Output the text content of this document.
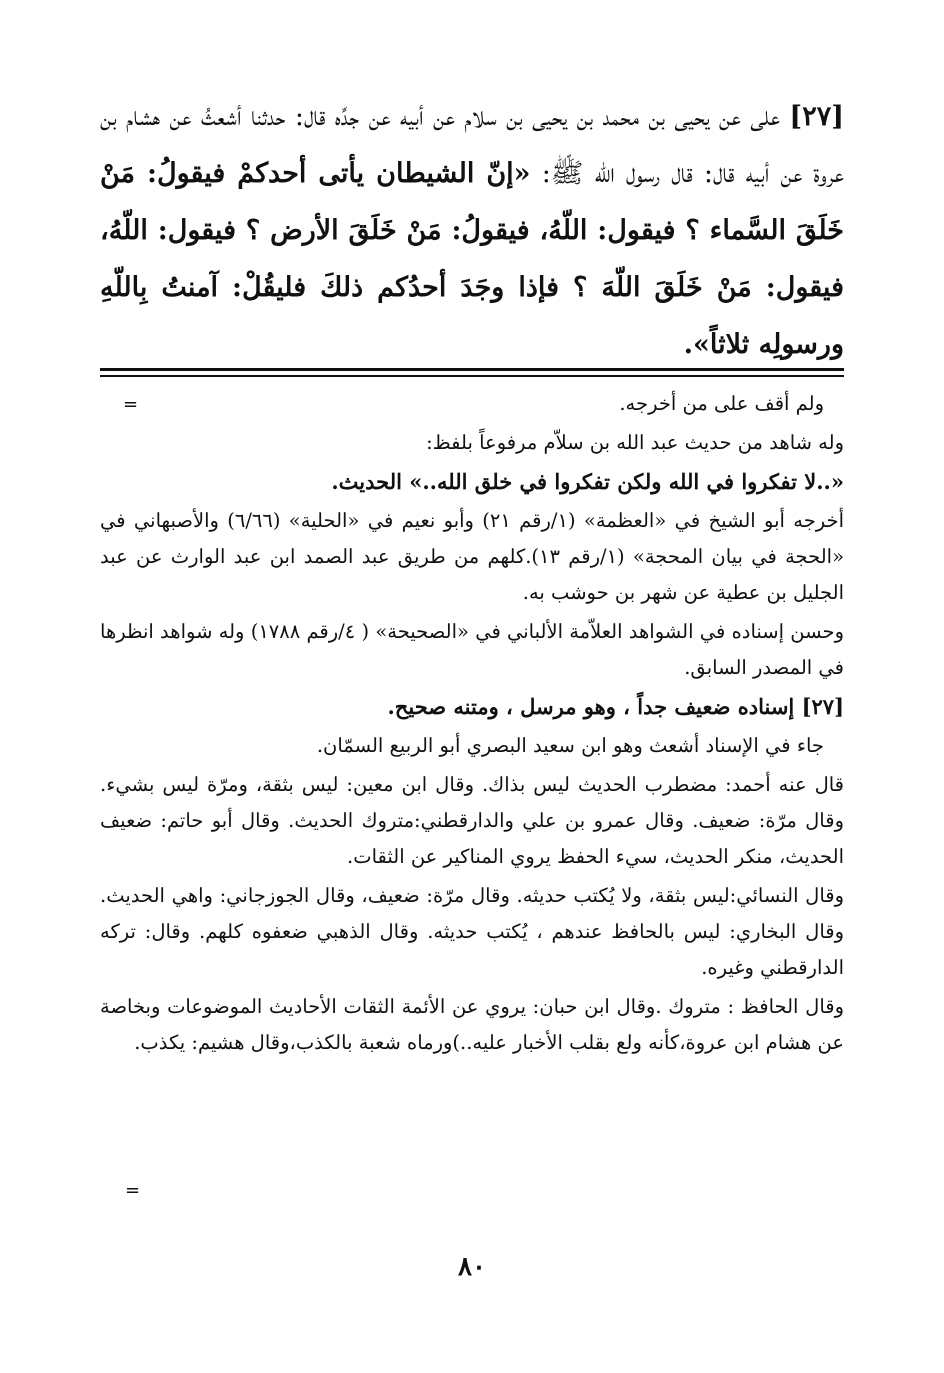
[٢٧] على عن يحيى بن محمد بن يحيى بن سلام عن أبيه عن جدِّه قال: حدثنا أشعثُ عن هشام بن عروة عن أبيه قال: قال رسول الله ﷺ: «إنّ الشيطان يأتى أحدكمْ فيقولُ: مَنْ خَلَقَ السَّماء ؟ فيقول: اللّهُ، فيقولُ: مَنْ خَلَقَ الأرض ؟ فيقول: اللّهُ، فيقول: مَنْ خَلَقَ اللّهَ ؟ فإذا وجَدَ أحدُكم ذلكَ فليقُلْ: آمنتُ بِاللّهِ ورسولِه ثلاثاً».
=	ولم أقف على من أخرجه.

وله شاهد من حديث عبد الله بن سلاّم مرفوعاً بلفظ:

«..لا تفكروا في الله ولكن تفكروا في خلق الله..» الحديث.

أخرجه أبو الشيخ في «العظمة» (١/رقم ٢١) وأبو نعيم في «الحلية» (٦/٦٦) والأصبهاني في «الحجة في بيان المحجة» (١/رقم ١٣).كلهم من طريق عبد الصمد ابن عبد الوارث عن عبد الجليل بن عطية عن شهر بن حوشب به.

وحسن إسناده في الشواهد العلاّمة الألباني في «الصحيحة» ( ٤/رقم ١٧٨٨) وله شواهد انظرها في المصدر السابق.

[٢٧] إسناده ضعيف جداً ، وهو مرسل ، ومتنه صحيح.

جاء في الإسناد أشعث وهو ابن سعيد البصري أبو الربيع السمّان.

قال عنه أحمد: مضطرب الحديث ليس بذاك. وقال ابن معين: ليس بثقة، ومرّة ليس بشيء. وقال مرّة: ضعيف. وقال عمرو بن علي والدارقطني:متروك الحديث. وقال أبو حاتم: ضعيف الحديث، منكر الحديث، سيء الحفظ يروي المناكير عن الثقات.

وقال النسائي:ليس بثقة، ولا يُكتب حديثه. وقال مرّة: ضعيف، وقال الجوزجاني: واهي الحديث. وقال البخاري: ليس بالحافظ عندهم ، يُكتب حديثه. وقال الذهبي ضعفوه كلهم. وقال: تركه الدارقطني وغيره.

وقال الحافظ : متروك .وقال ابن حبان: يروي عن الأئمة الثقات الأحاديث الموضوعات وبخاصة عن هشام ابن عروة،كأنه ولع بقلب الأخبار عليه..)ورماه شعبة بالكذب،وقال هشيم: يكذب.

=
٨٠
